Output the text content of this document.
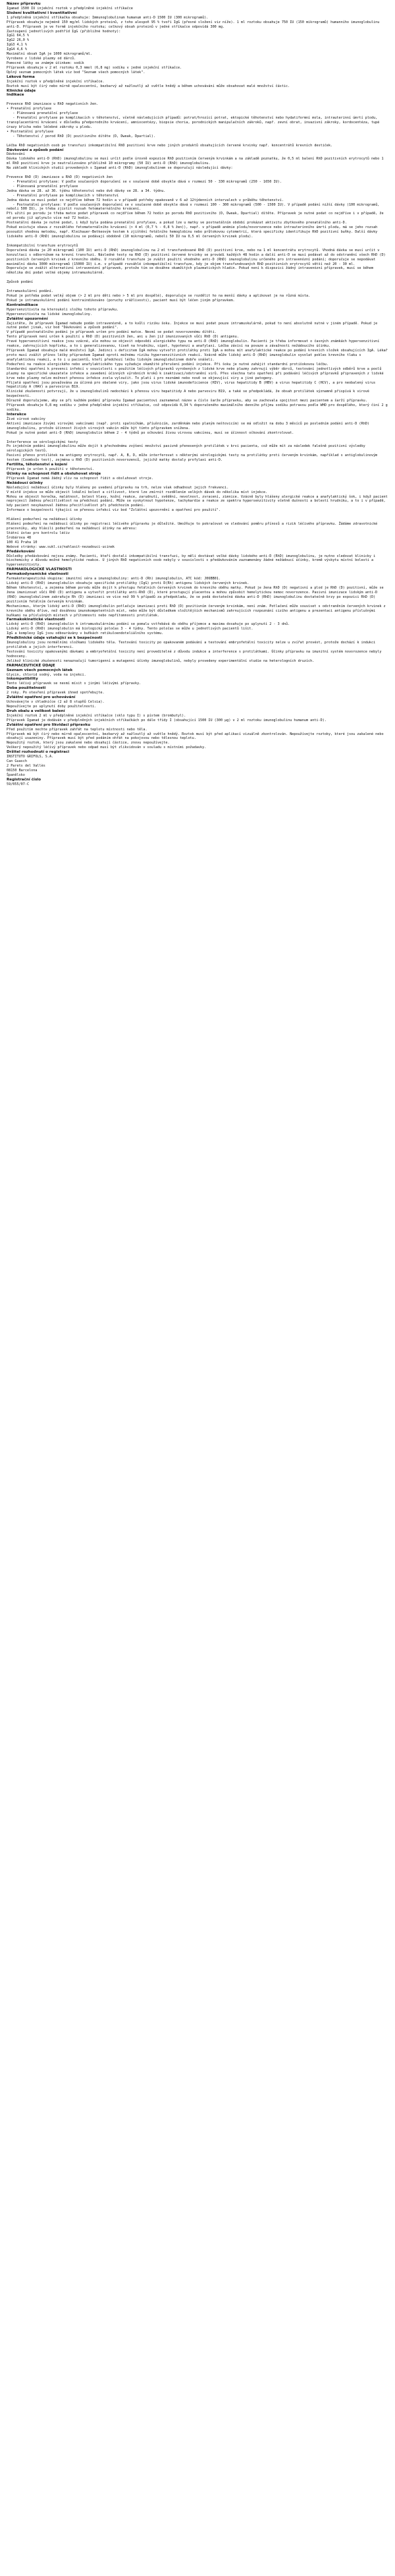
Název přípravku

Igamad 1500 IU injekční roztok v předplněné injekční stříkačce

Složení kvalitativní i kvantitativní

1 předplněná injekční stříkačka obsahuje: Immunoglobulinum humanum anti-D 1500 IU (300 mikrogramů).

Přípravek obsahuje nejméně 150 mg/ml lidských proteinů, z toho alespoň 95 % tvoří IgG (přesné složení viz níže). 1 ml roztoku obsahuje 750 IU (150 mikrogramů) humanního imunoglobulinu anti-D. Přípravek je ve formě injekčního roztoku; celkový obsah proteinů v jedné stříkačce odpovídá 300 mg.

Zastoupení jednotlivých podtříd IgG (přibližné hodnoty):

IgG1 64,5 %

IgG2 26,0 %

IgG3 4,1 %

IgG4 4,6 %

Maximální obsah IgA je 1000 mikrogramů/ml.

Vyrobeno z lidské plazmy od dárců.

Pomocné látky se známým účinkem: sodík

Přípravek obsahuje v 2 ml roztoku 0,3 mmol (6,8 mg) sodíku v jedné injekční stříkačce.

Úplný seznam pomocných látek viz bod "Seznam všech pomocných látek".

Léková forma

Injekční roztok v předplněné injekční stříkačce.

Roztok musí být čirý nebo mírně opalescentní, bezbarvý až nažloutlý až světle hnědý a během uchovávání může obsahovat malé množství částic.

Klinické údaje

Indikace

Prevence RhD imunizace u RhD negativních žen.

• Prenatální profylaxe

- Plánovaná prenatální profylaxe

- Prenatální profylaxe po komplikacích v těhotenství, včetně následujících případů: potrat/hrozící potrat, ektopické těhotenství nebo hydatiformní mola, intrauterinní úmrtí plodu, transplacentární krvácení v důsledku předporodního krvácení, amniocentézy, biopsie choria, porodnických manipulačních zákroků, např. zevní obrat, invazivní zákroky, kordocentéza, tupé úrazy břicha nebo léčebné zákroky u plodu.

• Postnatální profylaxe

- Těhotenství / porod RhD (D) pozitivního dítěte (D, Dweak, Dpartial).

Léčba RhD negativních osob po transfuzi inkompatibilní RhD pozitivní krve nebo jiných produktů obsahujících červené krvinky např. koncentrátů krevních destiček.

Dávkování a způsob podání

Dávkování

Dávka lidského anti-D (RhD) imunoglobulinu se musí určit podle úrovně expozice RhD pozitivním červeným krvinkám a na základě poznatku, že 0,5 ml balení RhD pozitivních erytrocytů nebo 1 ml RhD pozitivní krve je neutralizováno přibližně 10 mikrogramy (50 IU) anti-D (RhD) imunoglobulinu.

Na základě klinických studií provedených s Igamad anti-D (RhD) imunoglobulinem se doporučují následující dávky:

Prevence RhD (D) imunizace u RhD (D) negativních žen

- Prenatální profylaxe: V podle současných doporučení se v současné době obvykle dává v rozmezí 50 - 330 mikrogramů (250 - 1650 IU).

- Plánovaná prenatální profylaxe

Jedna dávka ve 28. až 30. týdnu těhotenství nebo dvě dávky ve 28. a 34. týdnu.

- Prenatální profylaxe po komplikacích v těhotenství

Jedna dávka se musí podat co nejdříve během 72 hodin a v případě potřeby opakovaně v 6 až 12týdenních intervalech v průběhu těhotenství.

- Postnatální profylaxe: V podle současných doporučení se v současné době obvykle dává v rozmezí 100 - 300 mikrogramů (500 - 1500 IU). V případě podání nižší dávky (100 mikrogramů, neboli 500 IU), je třeba zjistit rozsah fetomaternálního krvácení.

Při užití po porodu je třeba matce podat přípravek co nejdříve během 72 hodin po porodu RhD pozitivního (D, Dweak, Dpartial) dítěte. Přípravek je nutné podat co nejdříve i v případě, že od porodu již uplynulo více než 72 hodin.

Postnatální dávka je nutné podat, i když byla podána prenatální profylaxe, a pokud lze u matky ve postnatálním období prokázat aktivitu zbytkového prenatálního anti-D.

Pokud existuje obava z rozsáhlého fetomaternálního krvácení (> 4 ml (0,7 % - 0,8 % žen)), např. v případě anémie plodu/novorozence nebo intrauterinního úmrtí plodu, má se jeho rozsah posoudit vhodnou metodou, např. Kleihauer-Betkeovým testem k zjištění fetálního hemoglobinu nebo průtokovou cytometrií, která specificky identifikuje RhD pozitivní buňky. Další dávky lidského anti-D (RhD) imunoglobulinu se podávají obdobně (10 mikrogramů, neboli 50 IU na 0,5 ml červených krvinek plodu).

Inkompatibilní transfuze erytrocytů

Doporučená dávka je 20 mikrogramů (100 IU) anti-D (RhD) imunoglobulinu na 2 ml transfundované RhD (D) pozitivní krve, nebo na 1 ml koncentrátu erytrocytů. Vhodná dávka se musí určit v konzultaci s odborníkem na krevní transfuzi. Následné testy na RhD (D) pozitivní červené krvinky se provádí každých 48 hodin a další anti-D se musí podávat až do odstranění všech RhD (D) pozitivních červených krvinek z krevního oběhu. U rozsáhlé transfuze je zvážit použití vhodného anti-D (RhD) imunoglobulinu určeného pro intravenózní podání; doporučuje se nepodávat maximální dávku 3000 mikrogramů (15000 IU) i.m. v případě rozsáhlé inkompatibilní transfuze, kdy je objem transfundovaných RhD pozitivních erytrocytů větší než 20 - 30 ml.

Doporučuje se zvážit alternativní intravenózní přípravek, protože tím se dosáhne okamžitých plazmatických hladin. Pokud není k dispozici žádný intravenózní přípravek, musí se během několika dní podat velké objemy intramuskulárně.

Způsob podání

Intramuskulární podání.

Pokud je potřeba podat velký objem (> 2 ml pro děti nebo > 5 ml pro dospělé), doporučuje se rozdělit ho na menší dávky a aplikovat je na různá místa.

Pokud je intramuskulární podání kontraindikováno (poruchy srážlivosti), pacient musí být léčen jiným přípravkem.

Kontraindikace

Hypersenzitivita na kteroukoli složku tohoto přípravku.

Hypersenzitivita na lidské imunoglobuliny.

Zvláštní upozornění

Zajistěte, že přípravek Igamad nebude podán intravenózně, a to kvůli riziku šoku. Injekce se musí podat pouze intramuskulárně, pokud to není absolutně nutné v jiném případě. Pokud je nutné podat jinak, viz bod "Dávkování a způsob podání".

V případě postnatálního podání je přípravek určen pro podání matce. Nesmí se podat novorozenému dítěti.

Tento přípravek není určen k použití u RhD (D) pozitivních žen, ani u žen již imunizovaných vůči RhD (D) antigenu.

Pravé hypersenzitivní reakce jsou vzácné, ale mohou se objevit odpovědi alergického typu na anti-D (RhD) imunoglobulin. Pacienti je třeba informovat o časných známkách hypersenzitivní reakce, zahrnujících kopřivku, a to i generalizovanou, tíseň na hrudníku, sípot, hypotenzi a anafylaxi. Léčba závisí na povaze a závažnosti nežádoucího účinku.

Přípravek Igamad obsahuje malé množství IgA. Jedinci s deficitem IgA mohou vytvořit protilátky proti IgA a mohou mít anafylaktické reakce po podání krevních složek obsahujících IgA. Lékař proto musí zvážit přínos léčby přípravkem Igamad oproti možnému riziku hypersenzitivních reakcí. Vzácně může lidský anti-D (RhD) imunoglobulin vyvolat pokles krevního tlaku s anafylaktickou reakcí, a to i u pacientů, kteří předchozí léčbu lidským imunoglobulinem dobře snášeli.

Podezření na reakce alergického nebo anafylaktického typu vyžaduje okamžité přerušení podání injekce. Při šoku je nutné zahájit standardní protišokovou léčbu.

Standardní opatření k prevenci infekcí v souvislosti s použitím léčivých přípravků vyrobených z lidské krve nebo plazmy zahrnují výběr dárců, testování jednotlivých odběrů krve a poolů plazmy na specifické ukazatele infekce a zavedení účinných výrobních kroků k inaktivaci/odstranění virů. Přes všechna tato opatření při podávání léčivých přípravků připravených z lidské krve nebo plazmy nelze možnost přenosu infekce zcela vyloučit. To platí i pro neznámé nebo nově se objevující viry a jiné patogeny.

Přijatá opatření jsou považována za účinná pro obalené viry, jako jsou virus lidské imunodeficience (HIV), virus hepatitidy B (HBV) a virus hepatitidy C (HCV), a pro neobalený virus hepatitidy A (HAV) a parvovirus B19.

Klinické zkušenosti potvrzují, že u imunoglobulinů nedochází k přenosu viru hepatitidy A nebo parvoviru B19, a také se předpokládá, že obsah protilátek významně přispívá k virové bezpečnosti.

Důrazně doporučujeme, aby se při každém podání přípravku Igamad pacientovi zaznamenal název a číslo šarže přípravku, aby se zachovala spojitost mezi pacientem a šarží přípravku.

Přípravek obsahuje 6,8 mg sodíku v jedné předplněné injekční stříkačce, což odpovídá 0,34 % doporučeného maximálního denního příjmu sodíku potravou podle WHO pro dospělého, který činí 2 g sodíku.

Interakce

Živé virové vakcíny

Aktivní imunizace živými virovými vakcínami (např. proti spalničkám, příušnicím, zarděnkám nebo planým neštovicím) se má odložit na dobu 3 měsíců po posledním podání anti-D (RhD) imunoglobulinu, protože účinnost živých virových vakcín může být tímto přípravkem snížena.

Pokud je nutné podat anti-D (RhD) imunoglobulin během 2 - 4 týdnů po očkování živou virovou vakcínou, musí se účinnost očkování zkontrolovat.

Interference se sérologickými testy

Po injekčním podání imunoglobulinu může dojít k přechodnému zvýšení množství pasivně přenesených protilátek v krvi pacienta, což může mít za následek falešně pozitivní výsledky sérologických testů.

Pasivní přenos protilátek na antigeny erytrocytů, např. A, B, D, může interferovat s některými sérologickými testy na protilátky proti červeným krvinkám, například s antiglobulinovým testem (Coombsův test), zejména u RhD (D) pozitivních novorozenců, jejichž matky dostaly profylaxi anti-D.

Fertilita, těhotenství a kojení

Přípravek je určen k použití v těhotenství.

Účinky na schopnost řídit a obsluhovat stroje

Přípravek Igamad nemá žádný vliv na schopnost řídit a obsluhovat stroje.

Nežádoucí účinky

Následující nežádoucí účinky byly hlášeny po uvedení přípravku na trh, nelze však odhadnout jejich frekvenci.

V místě injekce se může objevit lokální bolest a citlivost, které lze zmírnit rozdělením velkých dávek do několika míst injekce.

Mohou se objevit horečka, malátnost, bolest hlavy, kožní reakce, zarudnutí, svědění, nevolnost, zvracení, zimnice. Vzácně byly hlášeny alergické reakce a anafylaktický šok, i když pacient neprojevil žádnou přecitlivělost na předchozí podání. Může se vyskytnout hypotenze, tachykardie a reakce ze spektra hypersenzitivity včetně dušnosti a bolestí hrudníku, a to i v případě, kdy pacient nevykazoval žádnou přecitlivělost při předchozím podání.

Informace o bezpečnosti týkající se přenosu infekcí viz bod "Zvláštní upozornění a opatření pro použití".

Hlášení podezření na nežádoucí účinky

Hlášení podezření na nežádoucí účinky po registraci léčivého přípravku je důležité. Umožňuje to pokračovat ve sledování poměru přínosů a rizik léčivého přípravku. Žádáme zdravotnické pracovníky, aby hlásili podezření na nežádoucí účinky na adresu:

Státní ústav pro kontrolu léčiv

Šrobárova 48

100 41 Praha 10

Webové stránky: www.sukl.cz/nahlasit-nezadouci-ucinek

Předávkování

Důsledky předávkování nejsou známy. Pacienti, kteří dostali inkompatibilní transfuzi, by měli dostávat velké dávky lidského anti-D (RhD) imunoglobulinu, je nutno sledovat klinicky i biochemicky z důvodu možné hemolytické reakce. U jiných RhD negativních osob nebyly v souvislosti s předávkováním zaznamenány žádné nežádoucí účinky, kromě výskytu místní bolesti a hypersenzitivity.

FARMAKOLOGICKÉ VLASTNOSTI

Farmakodynamické vlastnosti

Farmakoterapeutická skupina: imunitní séra a imunoglobuliny: anti-D (Rh) imunoglobulin, ATC kód: J06BB01.

Lidský anti-D (RhD) imunoglobulin obsahuje specifické protilátky (IgG) proti D(Rh) antigenu lidských červených krvinek.

Během těhotenství, a zejména během porodu může dojít k přestupu fetálních červených krvinek do krevního oběhu matky. Pokud je žena RhD (D) negativní a plod je RhD (D) pozitivní, může se žena imunizovat vůči RhD (D) antigenu a vytvořit protilátky anti-RhD (D), které prostupují placentou a mohou způsobit hemolytickou nemoc novorozence. Pasivní imunizace lidským anti-D (RhD) imunoglobulinem zabraňuje Rh (D) imunizaci ve více než 99 % případů za předpokladu, že se podá dostatečná dávka anti-D (RhD) imunoglobulinu dostatečně brzy po expozici RhD (D) pozitivním fetálním červeným krvinkám.

Mechanismus, kterým lidský anti-D (RhD) imunoglobulin potlačuje imunizaci proti RhD (D) pozitivním červeným krvinkám, není znám. Potlačení může souviset s odstraněním červených krvinek z krevního oběhu dříve, než dosáhnou imunokompetentních míst, nebo může být důsledkem složitějších mechanismů zahrnujících rozpoznání cizího antigenu a prezentaci antigenu příslušnými buňkami na příslušných místech v přítomnosti nebo nepřítomnosti protilátek.

Farmakokinetické vlastnosti

Lidský anti-D (RhD) imunoglobulin k intramuskulárnímu podání se pomalu vstřebává do oběhu příjemce a maxima dosahuje po uplynutí 2 - 3 dnů.

Lidský anti-D (RhD) imunoglobulin má biologický poločas 3 - 4 týdny. Tento poločas se může u jednotlivých pacientů lišit.

IgG a komplexy IgG jsou odbourávány v buňkách retikuloendoteliálního systému.

Předklinické údaje vztahující se k bezpečnosti

Imunoglobuliny jsou normálními složkami lidského těla. Testování toxicity po opakovaném podávání a testování embryofetální toxicity nelze u zvířat provést, protože dochází k indukci protilátek a jejich interferenci.

Testování toxicity opakovanými dávkami a embryofetální toxicity není proveditelné z důvodu indukce a interference s protilátkami. Účinky přípravku na imunitní systém novorozence nebyly hodnoceny.

Jelikož klinické zkušenosti nenaznačují tumorigenní a mutagenní účinky imunoglobulinů, nebyly provedeny experimentální studie na heterologních druzích.

FARMACEUTICKÉ ÚDAJE

Seznam všech pomocných látek

Glycin, chlorid sodný, voda na injekci.

Inkompatibility

Tento léčivý přípravek se nesmí mísit s jinými léčivými přípravky.

Doba použitelnosti

2 roky. Po otevření přípravek ihned spotřebujte.

Zvláštní opatření pro uchovávání

Uchovávejte v chladničce (2 až 8 stupňů Celsia).

Nepoužívejte po uplynutí doby použitelnosti.

Druh obalu a velikost balení

Injekční roztok 2 ml v předplněné injekční stříkačce (sklo typu I) s pístem (brombutyl).

Přípravek Igamad je dodáván v předplněných injekčních stříkačkách po dále třídy I (obsahující 1500 IU (300 µg) v 2 ml roztoku imunoglobulinu humanum anti-D).

Zvláštní opatření pro likvidaci přípravku

Před použitím nechte přípravek zahřát na teplotu místnosti nebo těla.

Přípravek má být čirý nebo mírně opalescentní, bezbarvý až nažloutlý až světle hnědý. Roztok musí být před aplikací vizuálně zkontrolován. Nepoužívejte roztoky, které jsou zakalené nebo obsahují usazeniny. Přípravek musí být před podáním ohřát na pokojovou nebo tělesnou teplotu.

Nepoužitý roztok, který jsou zakalené nebo obsahují částice, znovu nepoužívejte.

Veškerý nepoužitý léčivý přípravek nebo odpad musí být zlikvidován v souladu s místními požadavky.

Držitel rozhodnutí o registraci

INSTITUTO GRIFOLS, S.A.

Can Guasch

2 Parets del Vallès

08150 Barcelona

Španělsko

Registrační číslo

59/055/07-C
